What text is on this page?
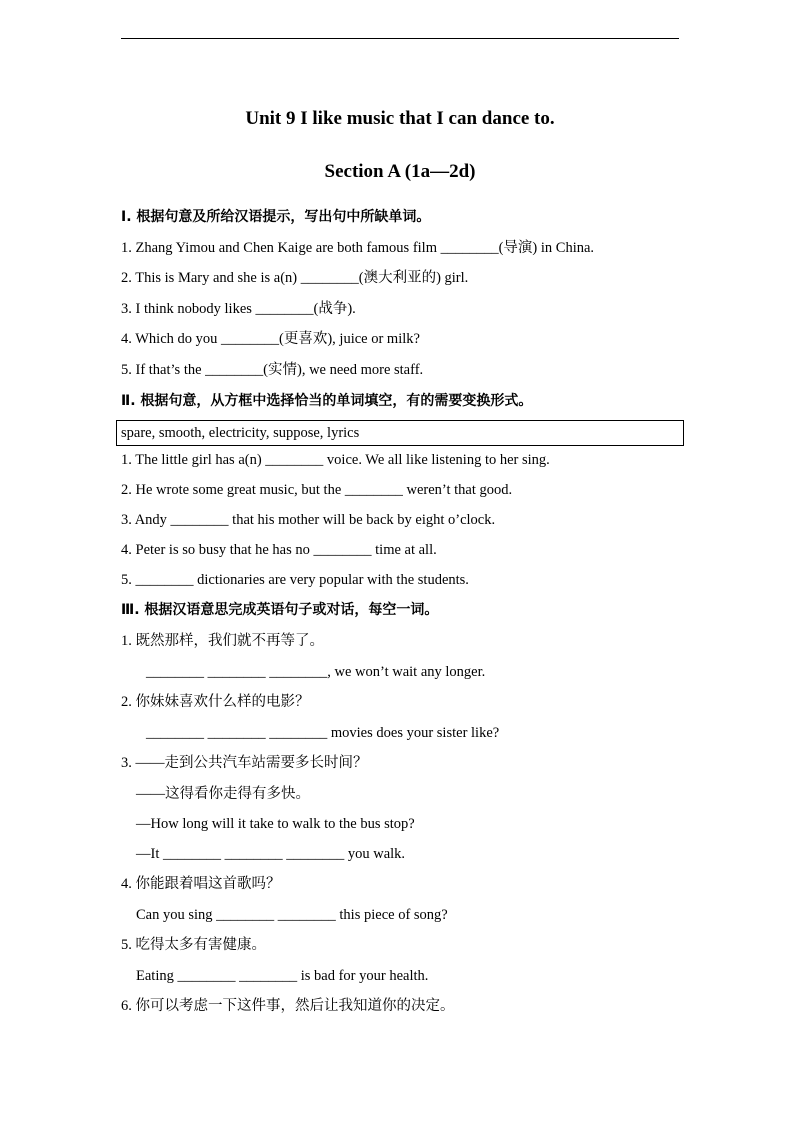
Unit 9 I like music that I can dance to.
Section A (1a—2d)
Ⅰ. 根据句意及所给汉语提示，写出句中所缺单词。
1. Zhang Yimou and Chen Kaige are both famous film ________(导演) in China.
2. This is Mary and she is a(n) ________(澳大利亚的) girl.
3. I think nobody likes ________(战争).
4. Which do you ________(更喜欢), juice or milk?
5. If that’s the ________(实情), we need more staff.
Ⅱ. 根据句意，从方框中选择恰当的单词填空，有的需要变换形式。
spare, smooth, electricity, suppose, lyrics
1. The little girl has a(n) ________ voice. We all like listening to her sing.
2. He wrote some great music, but the ________ weren’t that good.
3. Andy ________ that his mother will be back by eight o’clock.
4. Peter is so busy that he has no ________ time at all.
5. ________ dictionaries are very popular with the students.
Ⅲ. 根据汉语意思完成英语句子或对话，每空一词。
1. 既然那样，我们就不再等了。
________ ________ ________, we won’t wait any longer.
2. 你妹妹喜欢什么样的电影？
________ ________ ________ movies does your sister like?
3. ——走到公共汽车站需要多长时间？
——这得看你走得有多快。
—How long will it take to walk to the bus stop?
—It ________ ________ ________ you walk.
4. 你能跟着唱这首歌吗？
Can you sing ________ ________ this piece of song?
5. 吃得太多有害健康。
Eating ________ ________ is bad for your health.
6. 你可以考虑一下这件事，然后让我知道你的决定。
